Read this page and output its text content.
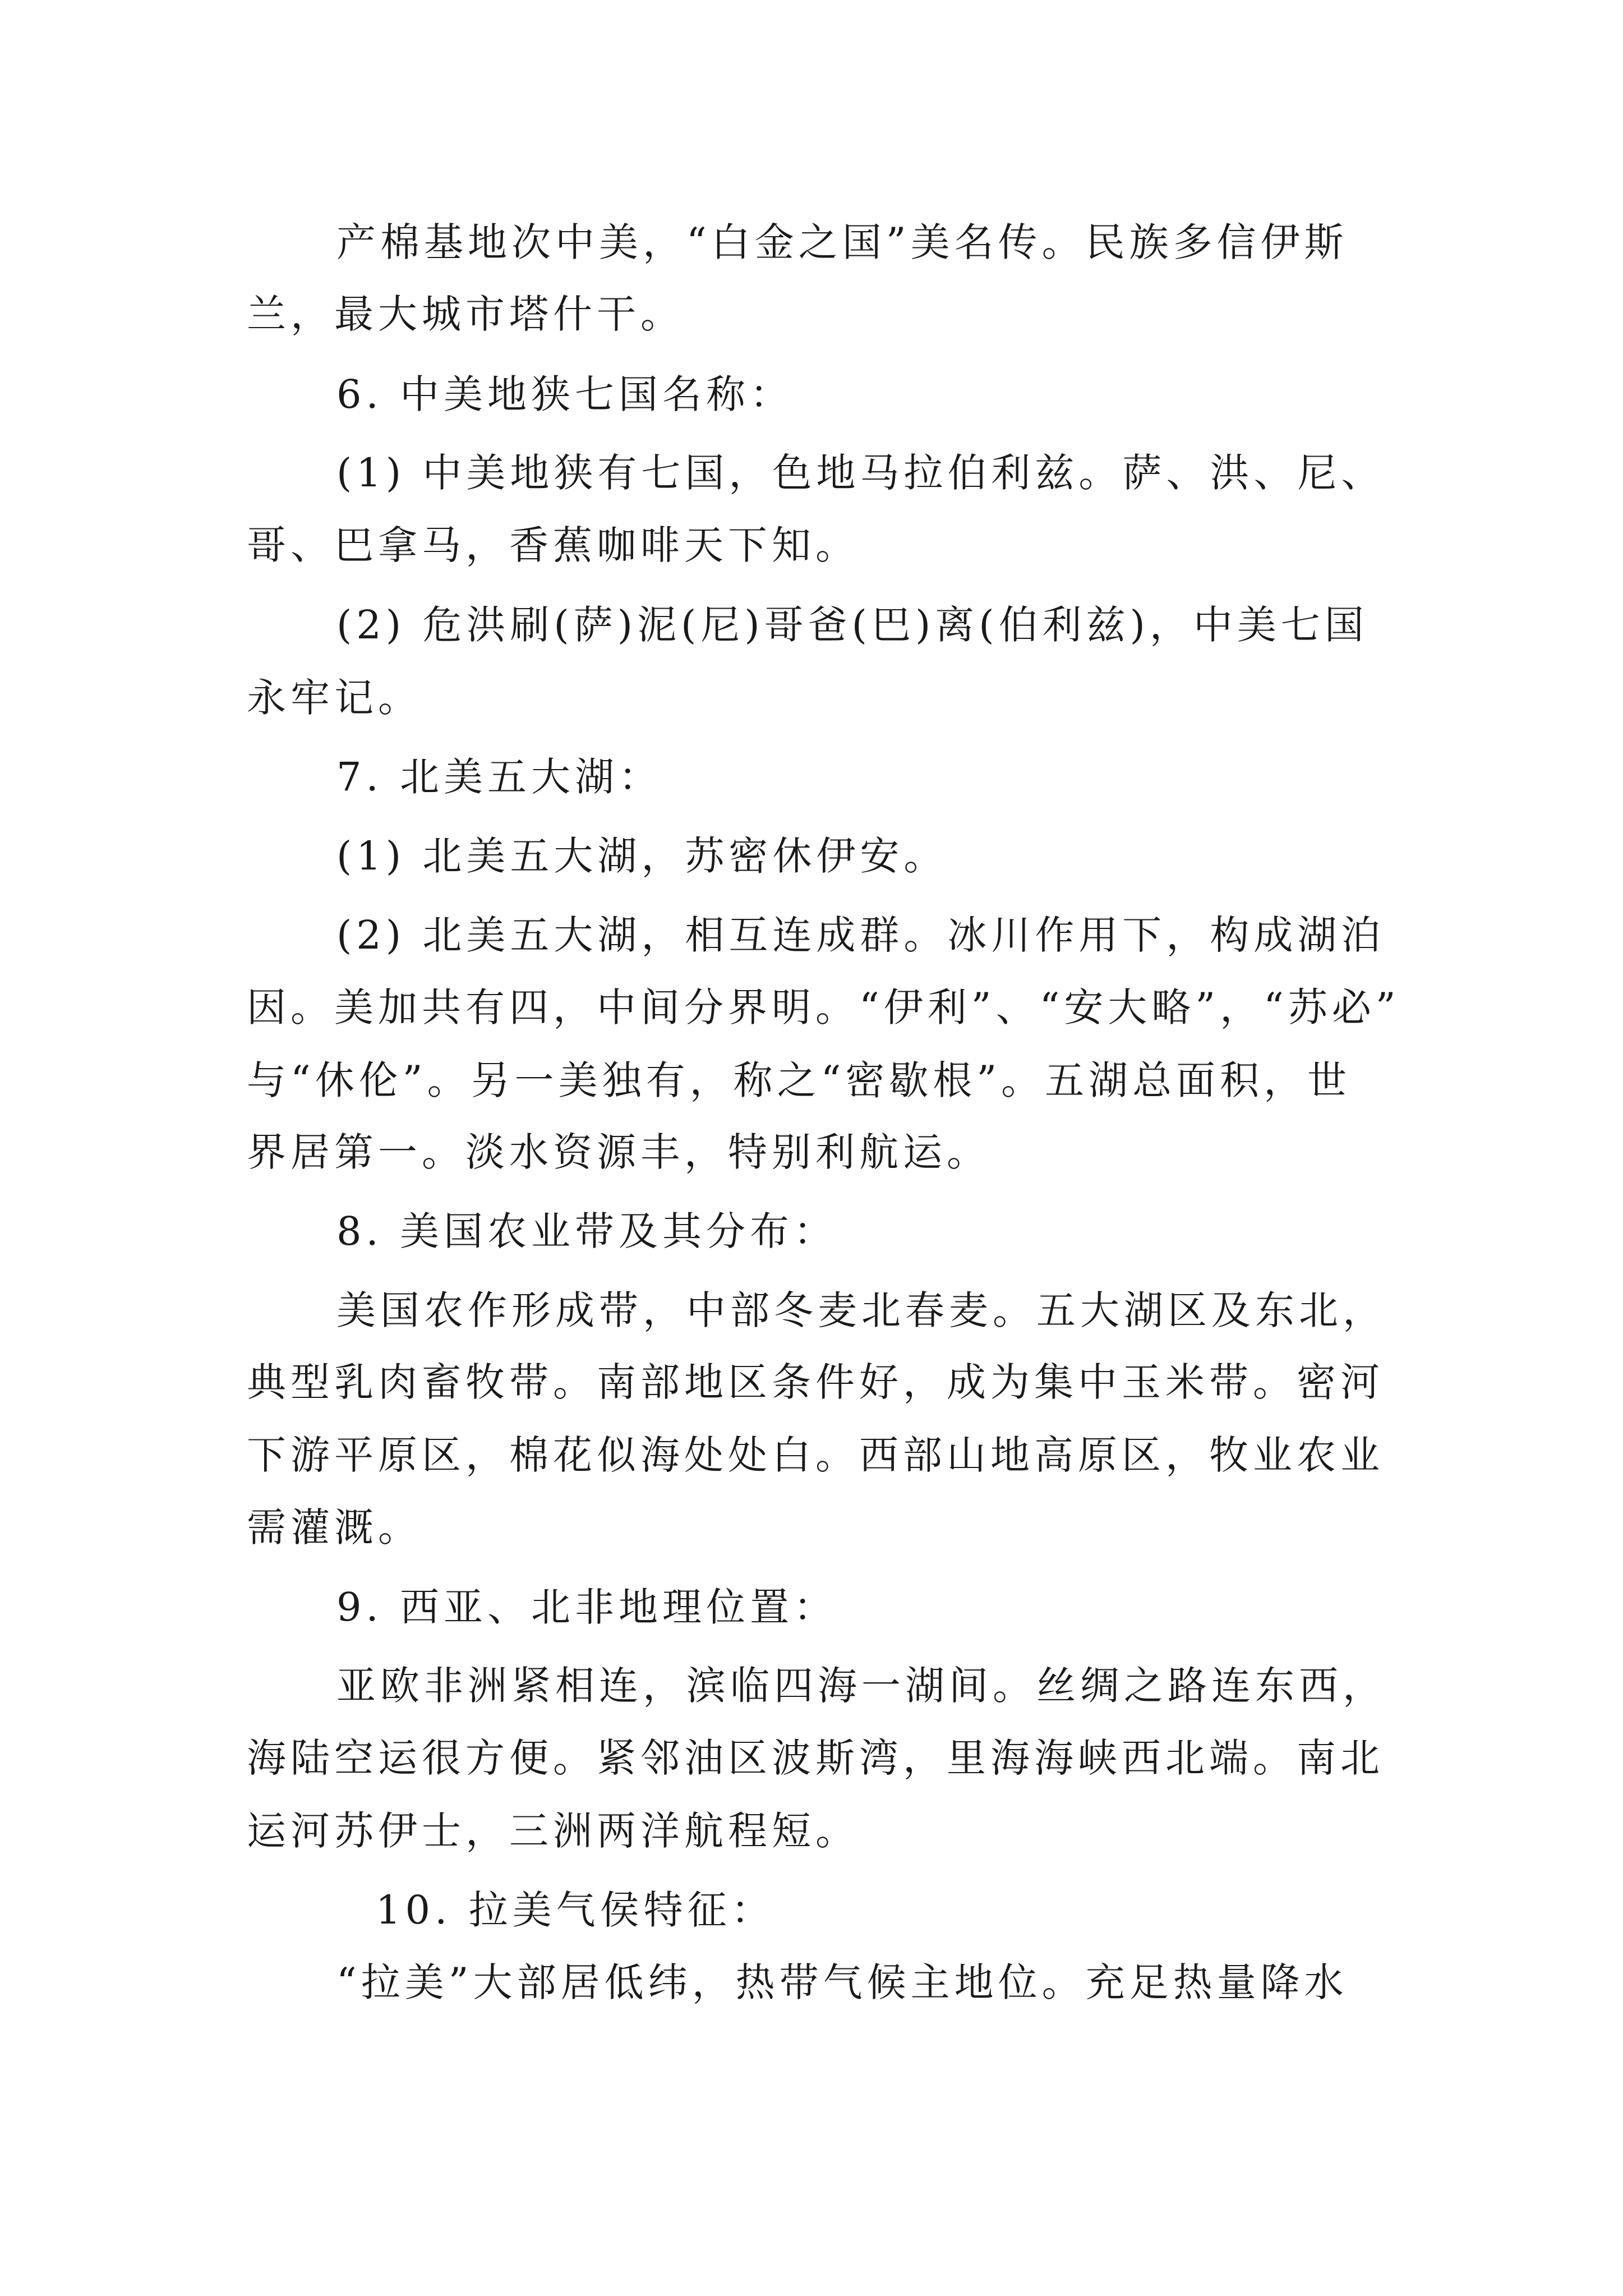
产棉基地次中美，“白金之国”美名传。民族多信伊斯

兰，最大城市塔什干。

6. 中美地狭七国名称：

(1) 中美地狭有七国，色地马拉伯利兹。萨、洪、尼、

哥、巴拿马，香蕉咖啡天下知。

(2) 危洪刷(萨)泥(尼)哥爸(巴)离(伯利兹)，中美七国

永牢记。

7. 北美五大湖：

(1) 北美五大湖，苏密休伊安。

(2) 北美五大湖，相互连成群。冰川作用下，构成湖泊

因。美加共有四，中间分界明。“伊利”、“安大略”，“苏必”

与“休伦”。另一美独有，称之“密歇根”。五湖总面积，世

界居第一。淡水资源丰，特别利航运。

8. 美国农业带及其分布：

美国农作形成带，中部冬麦北春麦。五大湖区及东北，

典型乳肉畜牧带。南部地区条件好，成为集中玉米带。密河

下游平原区，棉花似海处处白。西部山地高原区，牧业农业

需灌溉。

9. 西亚、北非地理位置：

亚欧非洲紧相连，滨临四海一湖间。丝绸之路连东西，

海陆空运很方便。紧邻油区波斯湾，里海海峡西北端。南北

运河苏伊士，三洲两洋航程短。

10. 拉美气侯特征：

“拉美”大部居低纬，热带气候主地位。充足热量降水
